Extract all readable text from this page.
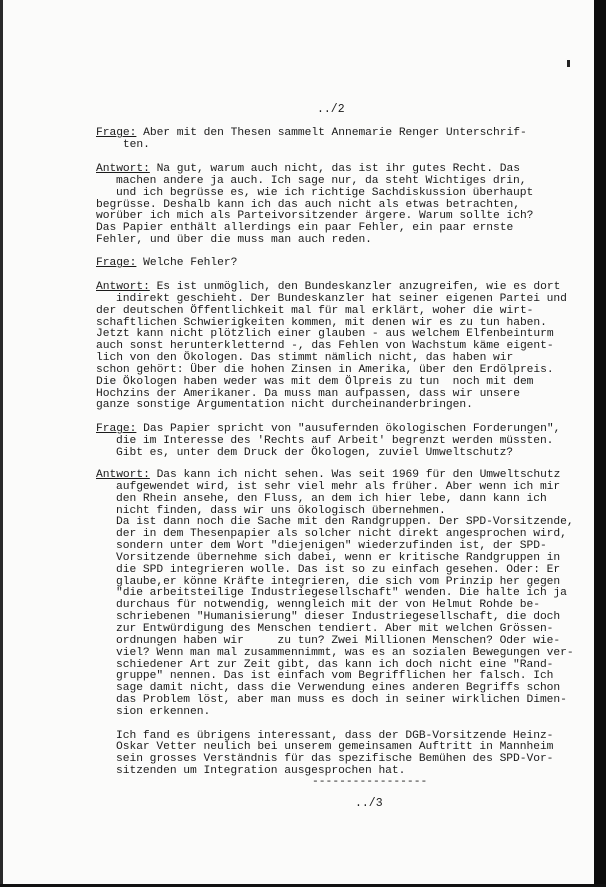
../2
Frage: Aber mit den Thesen sammelt Annemarie Renger Unterschrif-
ten.
Antwort: Na gut, warum auch nicht, das ist ihr gutes Recht. Das
machen andere ja auch. Ich sage nur, da steht Wichtiges drin,
und ich begrüsse es, wie ich richtige Sachdiskussion überhaupt
begrüsse. Deshalb kann ich das auch nicht als etwas betrachten,
worüber ich mich als Parteivorsitzender ärgere. Warum sollte ich?
Das Papier enthält allerdings ein paar Fehler, ein paar ernste
Fehler, und über die muss man auch reden.
Frage: Welche Fehler?
Antwort: Es ist unmöglich, den Bundeskanzler anzugreifen, wie es dort
indirekt geschieht. Der Bundeskanzler hat seiner eigenen Partei und
der deutschen Öffentlichkeit mal für mal erklärt, woher die wirt-
schaftlichen Schwierigkeiten kommen, mit denen wir es zu tun haben.
Jetzt kann nicht plötzlich einer glauben - aus welchem Elfenbeinturm
auch sonst herunterkletternd -, das Fehlen von Wachstum käme eigent-
lich von den Ökologen. Das stimmt nämlich nicht, das haben wir
schon gehört: Über die hohen Zinsen in Amerika, über den Erdölpreis.
Die Ökologen haben weder was mit dem Ölpreis zu tun  noch mit dem
Hochzins der Amerikaner. Da muss man aufpassen, dass wir unsere
ganze sonstige Argumentation nicht durcheinanderbringen.
Frage: Das Papier spricht von "ausufernden ökologischen Forderungen",
die im Interesse des 'Rechts auf Arbeit' begrenzt werden müssten.
Gibt es, unter dem Druck der Ökologen, zuviel Umweltschutz?
Antwort: Das kann ich nicht sehen. Was seit 1969 für den Umweltschutz
aufgewendet wird, ist sehr viel mehr als früher. Aber wenn ich mir
den Rhein ansehe, den Fluss, an dem ich hier lebe, dann kann ich
nicht finden, dass wir uns ökologisch übernehmen.
Da ist dann noch die Sache mit den Randgruppen. Der SPD-Vorsitzende,
der in dem Thesenpapier als solcher nicht direkt angesprochen wird,
sondern unter dem Wort "diejenigen" wiederzufinden ist, der SPD-
Vorsitzende übernehme sich dabei, wenn er kritische Randgruppen in
die SPD integrieren wolle. Das ist so zu einfach gesehen. Oder: Er
glaube,er könne Kräfte integrieren, die sich vom Prinzip her gegen
"die arbeitsteilige Industriegesellschaft" wenden. Die halte ich ja
durchaus für notwendig, wenngleich mit der von Helmut Rohde be-
schriebenen "Humanisierung" dieser Industriegesellschaft, die doch
zur Entwürdigung des Menschen tendiert. Aber mit welchen Grössen-
ordnungen haben wir     zu tun? Zwei Millionen Menschen? Oder wie-
viel? Wenn man mal zusammennimmt, was es an sozialen Bewegungen ver-
schiedener Art zur Zeit gibt, das kann ich doch nicht eine "Rand-
gruppe" nennen. Das ist einfach vom Begrifflichen her falsch. Ich
sage damit nicht, dass die Verwendung eines anderen Begriffs schon
das Problem löst, aber man muss es doch in seiner wirklichen Dimen-
sion erkennen.
Ich fand es übrigens interessant, dass der DGB-Vorsitzende Heinz-
Oskar Vetter neulich bei unserem gemeinsamen Auftritt in Mannheim
sein grosses Verständnis für das spezifische Bemühen des SPD-Vor-
sitzenden um Integration ausgesprochen hat.
-----------------
../3
